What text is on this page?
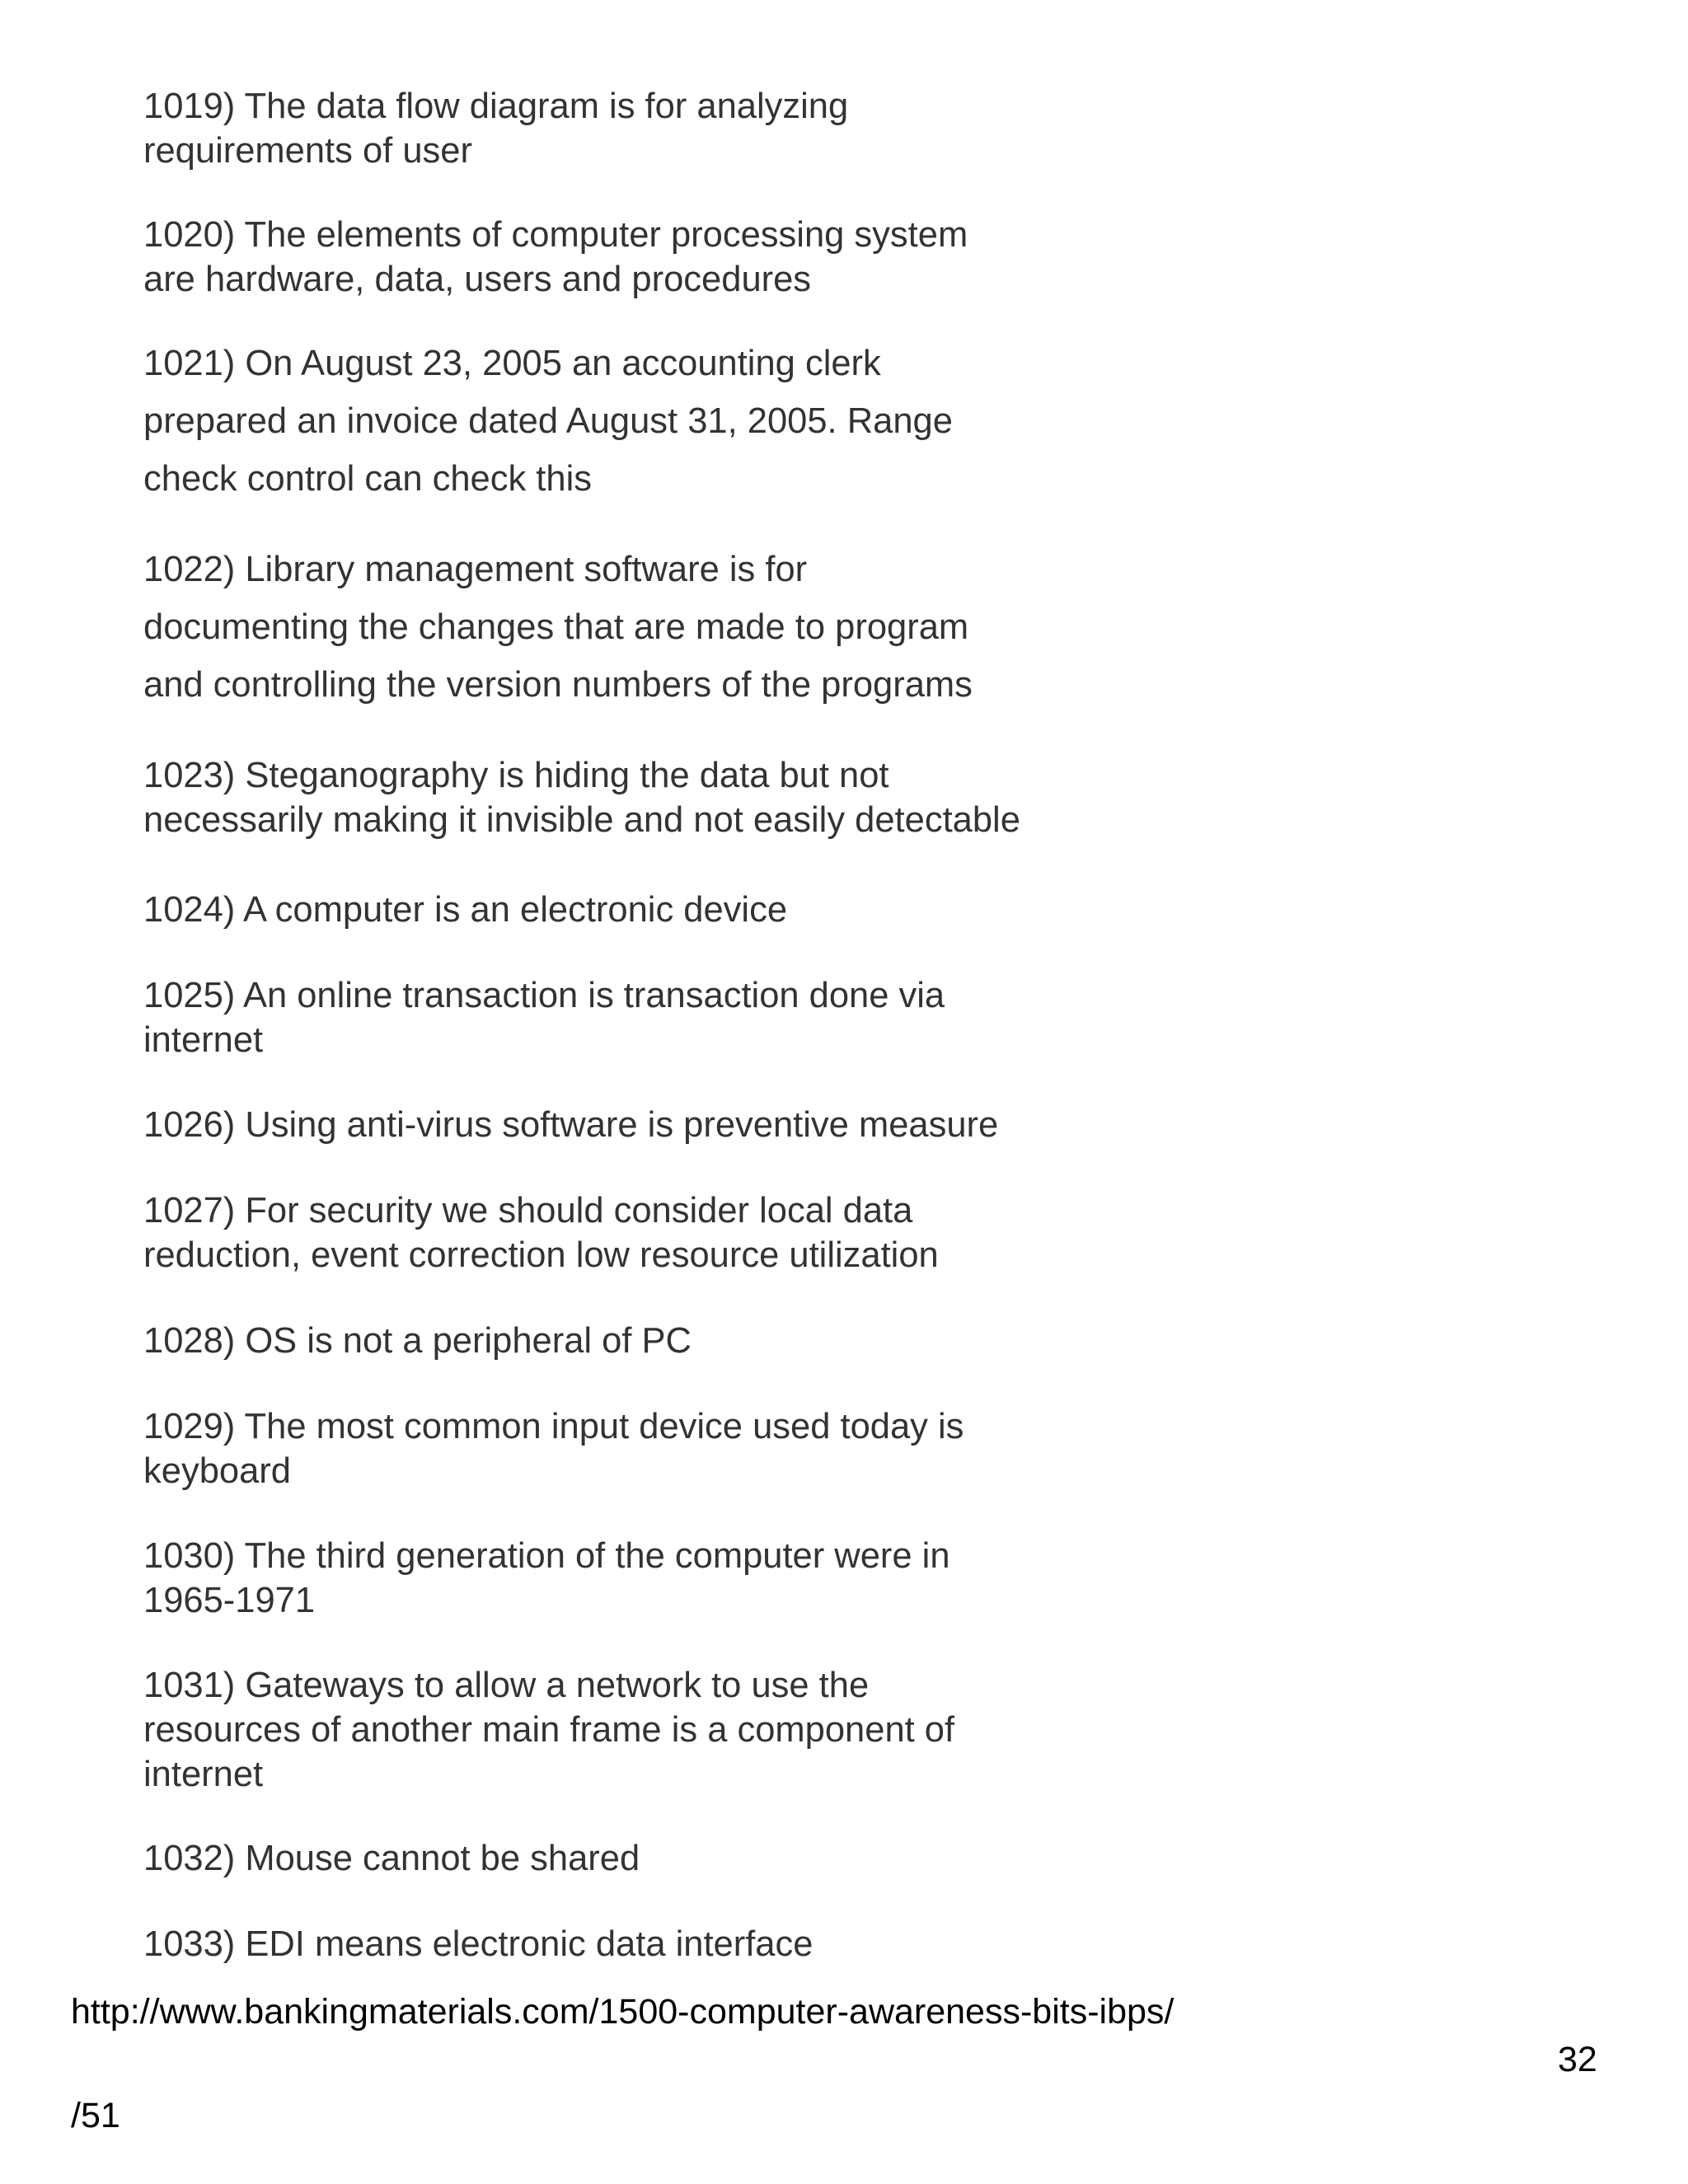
1019) The data flow diagram is for analyzing
requirements of user
1020) The elements of computer processing system
are hardware, data, users and procedures
1021) On August 23, 2005 an accounting clerk
prepared an invoice dated August 31, 2005. Range
check control can check this
1022) Library management software is for
documenting the changes that are made to program
and controlling the version numbers of the programs
1023) Steganography is hiding the data but not
necessarily making it invisible and not easily detectable
1024) A computer is an electronic device
1025) An online transaction is transaction done via
internet
1026) Using anti-virus software is preventive measure
1027) For security we should consider local data
reduction, event correction low resource utilization
1028) OS is not a peripheral of PC
1029) The most common input device used today is
keyboard
1030) The third generation of the computer were in
1965-1971
1031) Gateways to allow a network to use the
resources of another main frame is a component of
internet
1032) Mouse cannot be shared
1033) EDI means electronic data interface
http://www.bankingmaterials.com/1500-computer-awareness-bits-ibps/
32
/51
